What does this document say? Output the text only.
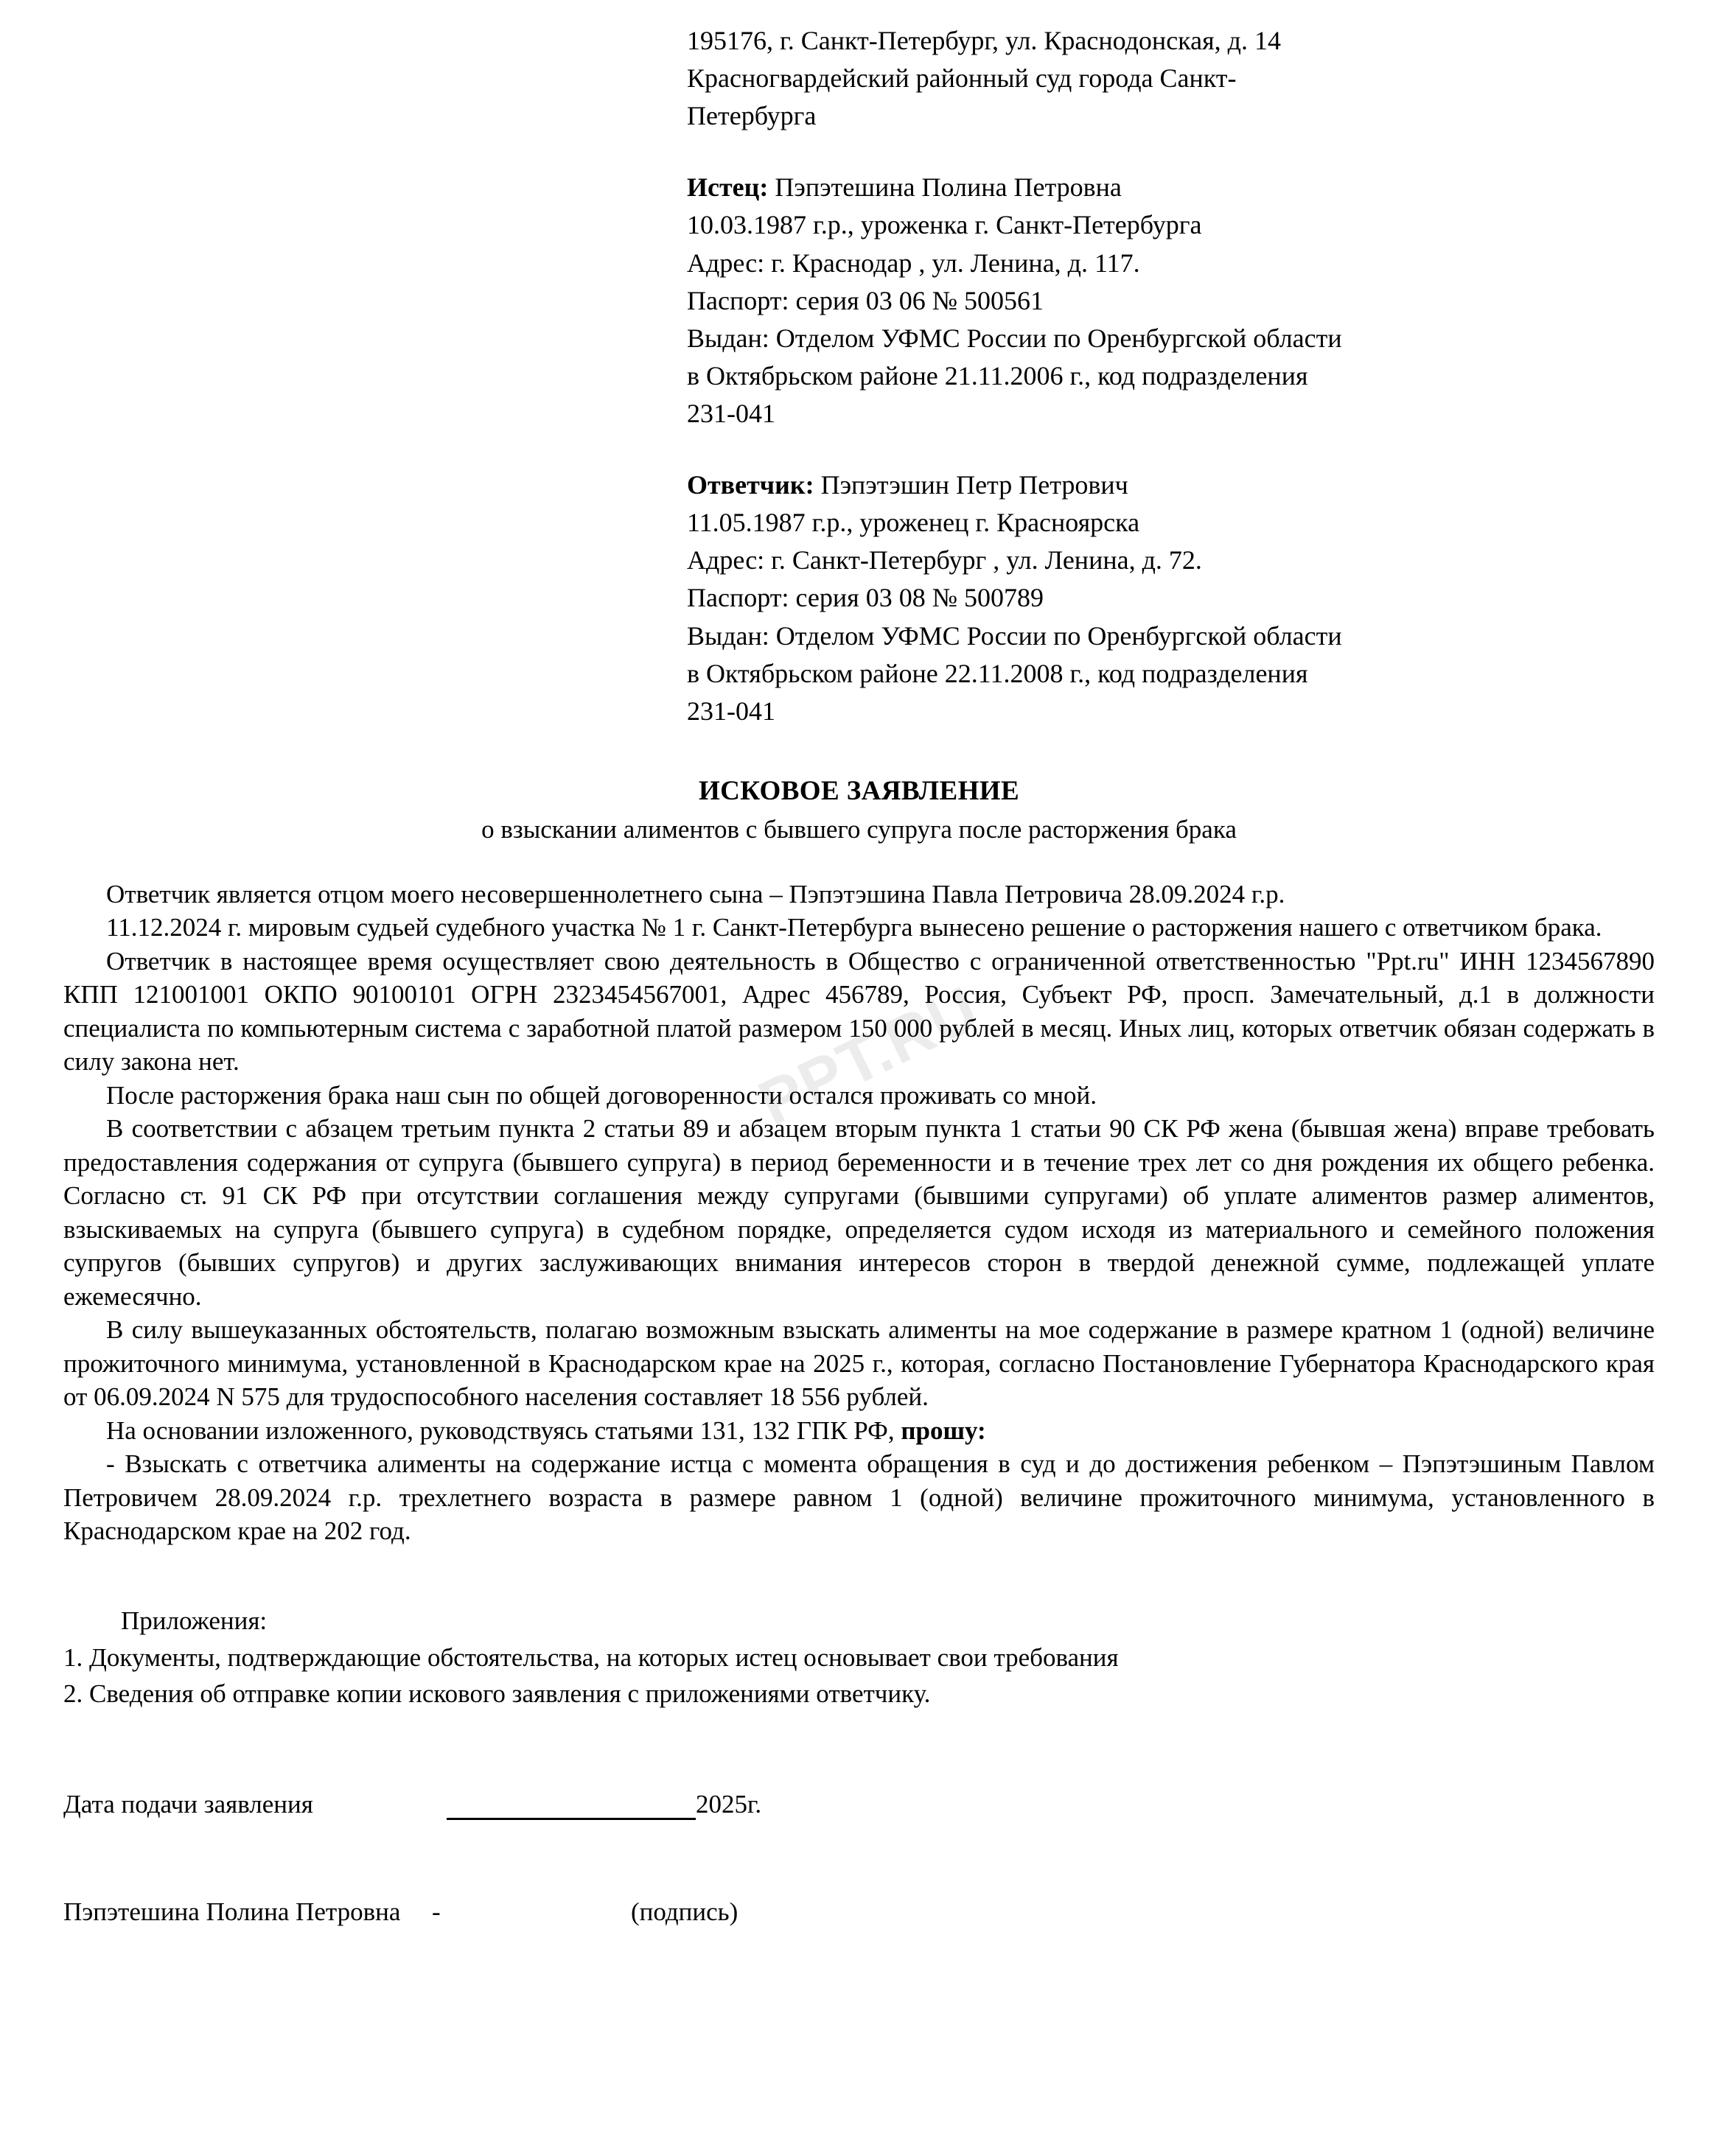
PPT.RU
195176, г. Санкт-Петербург, ул. Краснодонская, д. 14
Красногвардейский районный суд города Санкт-
Петербурга
Истец: Пэпэтешина Полина Петровна
10.03.1987 г.р., уроженка г. Санкт-Петербурга
Адрес: г. Краснодар , ул. Ленина, д. 117.
Паспорт: серия 03 06 № 500561
Выдан: Отделом УФМС России по Оренбургской области
в Октябрьском районе 21.11.2006 г., код подразделения
231-041
Ответчик: Пэпэтэшин Петр Петрович
11.05.1987 г.р., уроженец г. Красноярска
Адрес: г. Санкт-Петербург , ул. Ленина, д. 72.
Паспорт: серия 03 08 № 500789
Выдан: Отделом УФМС России по Оренбургской области
в Октябрьском районе 22.11.2008 г., код подразделения
231-041
ИСКОВОЕ ЗАЯВЛЕНИЕ
о взыскании алиментов с бывшего супруга после расторжения брака

Ответчик является отцом моего несовершеннолетнего сына – Пэпэтэшина Павла Петровича 28.09.2024 г.р.

11.12.2024 г. мировым судьей судебного участка № 1 г. Санкт-Петербурга вынесено решение о расторжения нашего с ответчиком брака.

Ответчик в настоящее время осуществляет свою деятельность в Общество с ограниченной ответственностью "Ppt.ru" ИНН 1234567890 КПП 121001001 ОКПО 90100101 ОГРН 2323454567001, Адрес 456789, Россия, Субъект РФ, просп. Замечательный, д.1 в должности специалиста по компьютерным система с заработной платой размером 150 000 рублей в месяц. Иных лиц, которых ответчик обязан содержать в силу закона нет.

После расторжения брака наш сын по общей договоренности остался проживать со мной.

В соответствии с абзацем третьим пункта 2 статьи 89 и абзацем вторым пункта 1 статьи 90 СК РФ жена (бывшая жена) вправе требовать предоставления содержания от супруга (бывшего супруга) в период беременности и в течение трех лет со дня рождения их общего ребенка. Согласно ст. 91 СК РФ при отсутствии соглашения между супругами (бывшими супругами) об уплате алиментов размер алиментов, взыскиваемых на супруга (бывшего супруга) в судебном порядке, определяется судом исходя из материального и семейного положения супругов (бывших супругов) и других заслуживающих внимания интересов сторон в твердой денежной сумме, подлежащей уплате ежемесячно.

В силу вышеуказанных обстоятельств, полагаю возможным взыскать алименты на мое содержание в размере кратном 1 (одной) величине прожиточного минимума, установленной в Краснодарском крае на 2025 г., которая, согласно Постановление Губернатора Краснодарского края от 06.09.2024 N 575 для трудоспособного населения составляет 18 556 рублей.

На основании изложенного, руководствуясь статьями 131, 132 ГПК РФ, прошу:

- Взыскать с ответчика алименты на содержание истца с момента обращения в суд и до достижения ребенком – Пэпэтэшиным Павлом Петровичем 28.09.2024 г.р. трехлетнего возраста в размере равном 1 (одной) величине прожиточного минимума, установленного в Краснодарском крае на 202 год.

Приложения:
1. Документы, подтверждающие обстоятельства, на которых истец основывает свои требования
2. Сведения об отправке копии искового заявления с приложениями ответчику.
Дата подачи заявления	2025г.
Пэпэтешина Полина Петровна	-	(подпись)
